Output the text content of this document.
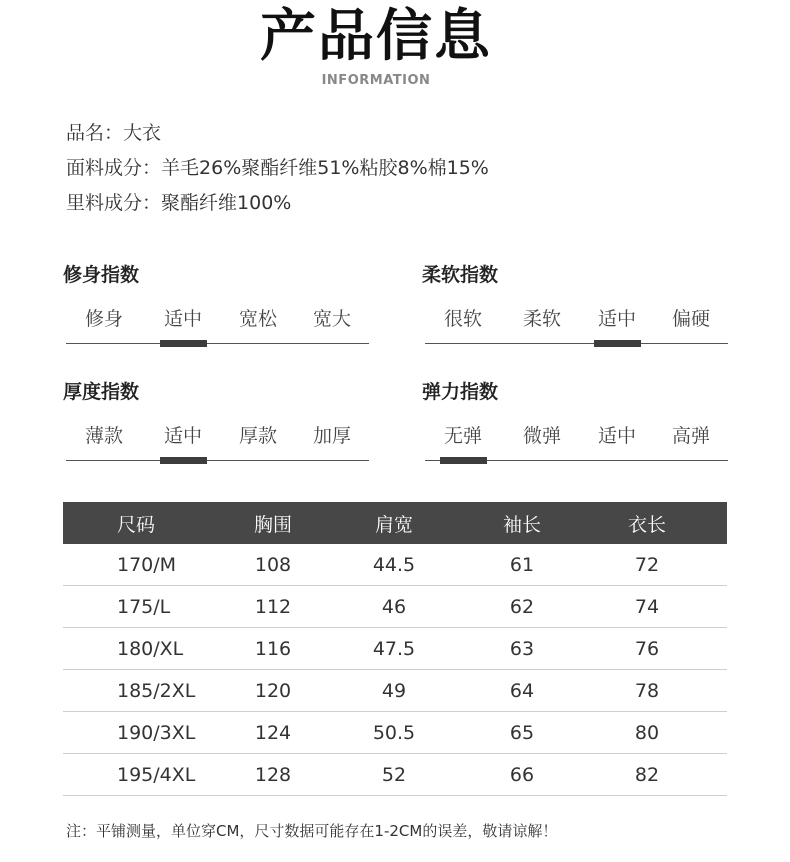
产品信息
INFORMATION
品名：大衣
面料成分：羊毛26%聚酯纤维51%粘胶8%棉15%
里料成分：聚酯纤维100%
修身指数
修身	适中	宽松	宽大
柔软指数
很软	柔软	适中	偏硬
厚度指数
薄款	适中	厚款	加厚
弹力指数
无弹	微弹	适中	高弹
尺码	胸围	肩宽	袖长	衣长
170/M	108	44.5	61	72
175/L	112	46	62	74
180/XL	116	47.5	63	76
185/2XL	120	49	64	78
190/3XL	124	50.5	65	80
195/4XL	128	52	66	82
注：平铺测量，单位穿CM，尺寸数据可能存在1-2CM的误差，敬请谅解！
